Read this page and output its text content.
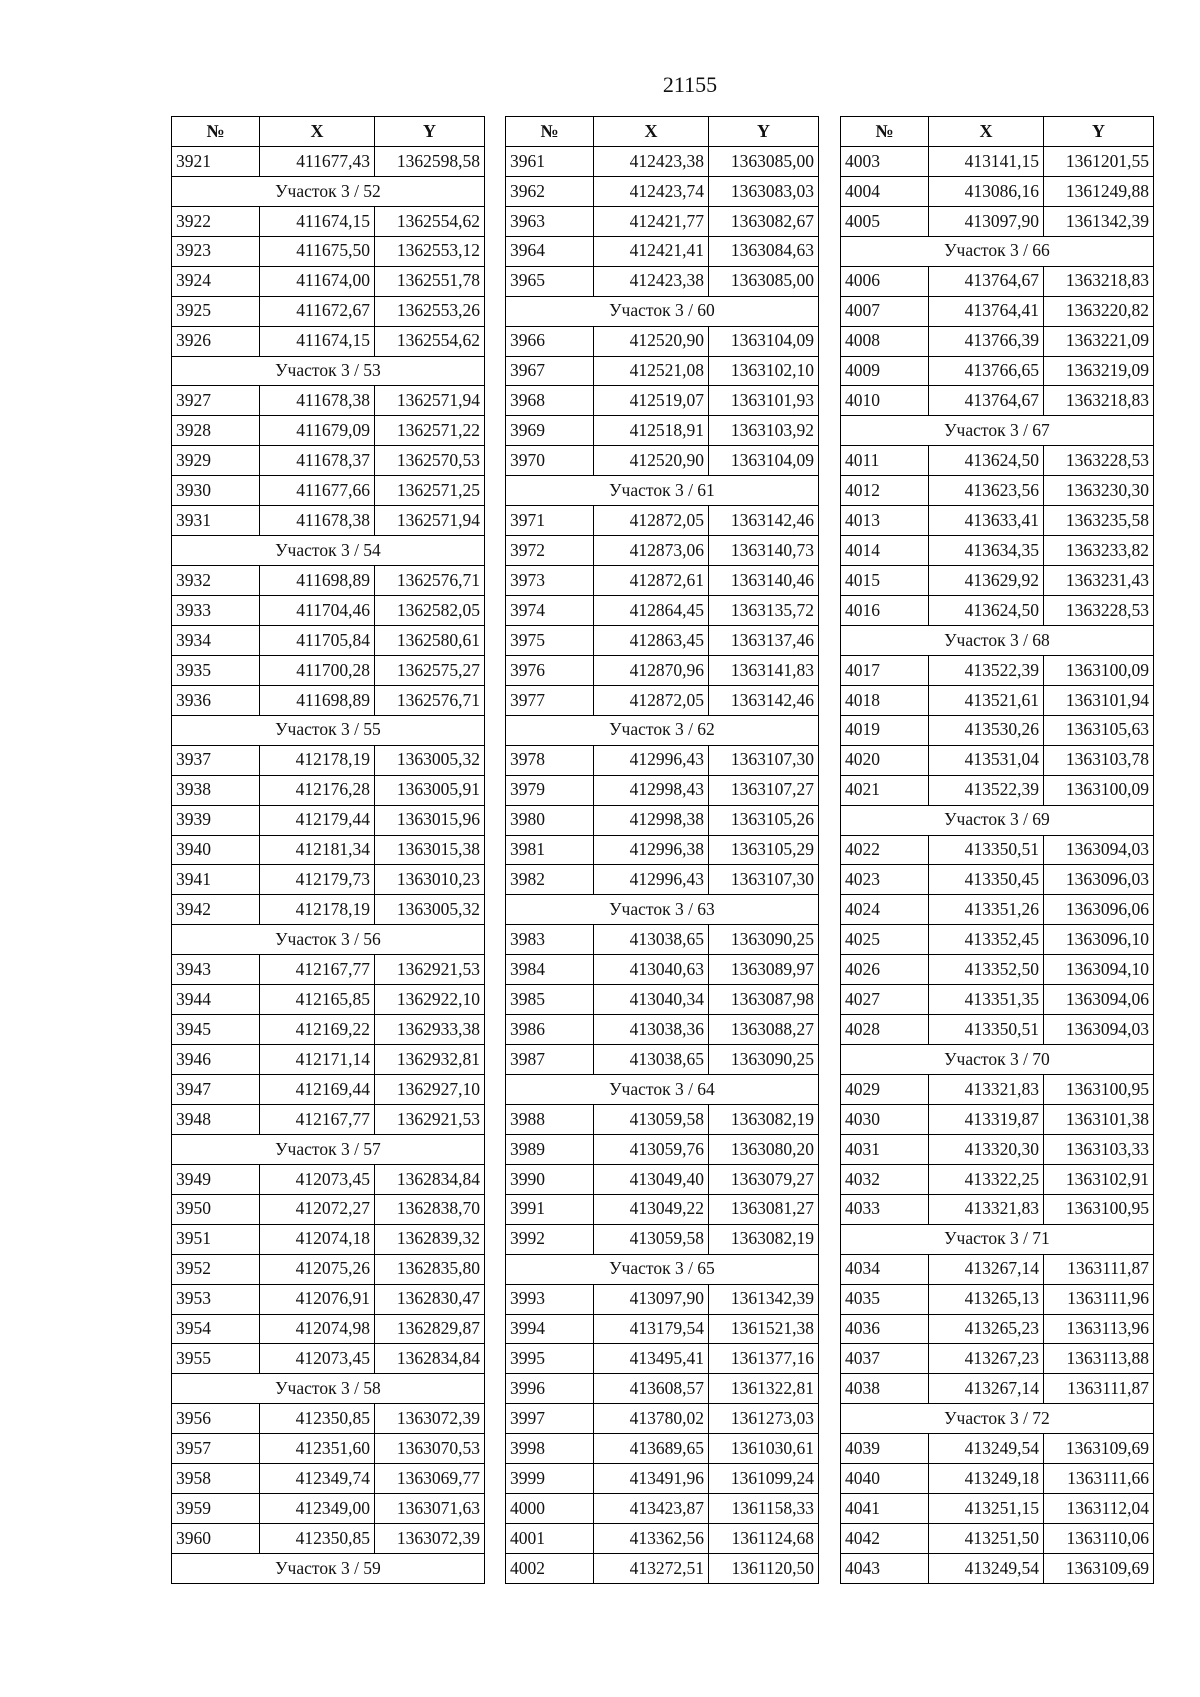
21155
№	X	Y
3921	411677,43	1362598,58
Участок 3 / 52		
3922	411674,15	1362554,62
3923	411675,50	1362553,12
3924	411674,00	1362551,78
3925	411672,67	1362553,26
3926	411674,15	1362554,62
Участок 3 / 53		
3927	411678,38	1362571,94
3928	411679,09	1362571,22
3929	411678,37	1362570,53
3930	411677,66	1362571,25
3931	411678,38	1362571,94
Участок 3 / 54		
3932	411698,89	1362576,71
3933	411704,46	1362582,05
3934	411705,84	1362580,61
3935	411700,28	1362575,27
3936	411698,89	1362576,71
Участок 3 / 55		
3937	412178,19	1363005,32
3938	412176,28	1363005,91
3939	412179,44	1363015,96
3940	412181,34	1363015,38
3941	412179,73	1363010,23
3942	412178,19	1363005,32
Участок 3 / 56		
3943	412167,77	1362921,53
3944	412165,85	1362922,10
3945	412169,22	1362933,38
3946	412171,14	1362932,81
3947	412169,44	1362927,10
3948	412167,77	1362921,53
Участок 3 / 57		
3949	412073,45	1362834,84
3950	412072,27	1362838,70
3951	412074,18	1362839,32
3952	412075,26	1362835,80
3953	412076,91	1362830,47
3954	412074,98	1362829,87
3955	412073,45	1362834,84
Участок 3 / 58		
3956	412350,85	1363072,39
3957	412351,60	1363070,53
3958	412349,74	1363069,77
3959	412349,00	1363071,63
3960	412350,85	1363072,39
Участок 3 / 59		
№	X	Y
3961	412423,38	1363085,00
3962	412423,74	1363083,03
3963	412421,77	1363082,67
3964	412421,41	1363084,63
3965	412423,38	1363085,00
Участок 3 / 60		
3966	412520,90	1363104,09
3967	412521,08	1363102,10
3968	412519,07	1363101,93
3969	412518,91	1363103,92
3970	412520,90	1363104,09
Участок 3 / 61		
3971	412872,05	1363142,46
3972	412873,06	1363140,73
3973	412872,61	1363140,46
3974	412864,45	1363135,72
3975	412863,45	1363137,46
3976	412870,96	1363141,83
3977	412872,05	1363142,46
Участок 3 / 62		
3978	412996,43	1363107,30
3979	412998,43	1363107,27
3980	412998,38	1363105,26
3981	412996,38	1363105,29
3982	412996,43	1363107,30
Участок 3 / 63		
3983	413038,65	1363090,25
3984	413040,63	1363089,97
3985	413040,34	1363087,98
3986	413038,36	1363088,27
3987	413038,65	1363090,25
Участок 3 / 64		
3988	413059,58	1363082,19
3989	413059,76	1363080,20
3990	413049,40	1363079,27
3991	413049,22	1363081,27
3992	413059,58	1363082,19
Участок 3 / 65		
3993	413097,90	1361342,39
3994	413179,54	1361521,38
3995	413495,41	1361377,16
3996	413608,57	1361322,81
3997	413780,02	1361273,03
3998	413689,65	1361030,61
3999	413491,96	1361099,24
4000	413423,87	1361158,33
4001	413362,56	1361124,68
4002	413272,51	1361120,50
№	X	Y
4003	413141,15	1361201,55
4004	413086,16	1361249,88
4005	413097,90	1361342,39
Участок 3 / 66		
4006	413764,67	1363218,83
4007	413764,41	1363220,82
4008	413766,39	1363221,09
4009	413766,65	1363219,09
4010	413764,67	1363218,83
Участок 3 / 67		
4011	413624,50	1363228,53
4012	413623,56	1363230,30
4013	413633,41	1363235,58
4014	413634,35	1363233,82
4015	413629,92	1363231,43
4016	413624,50	1363228,53
Участок 3 / 68		
4017	413522,39	1363100,09
4018	413521,61	1363101,94
4019	413530,26	1363105,63
4020	413531,04	1363103,78
4021	413522,39	1363100,09
Участок 3 / 69		
4022	413350,51	1363094,03
4023	413350,45	1363096,03
4024	413351,26	1363096,06
4025	413352,45	1363096,10
4026	413352,50	1363094,10
4027	413351,35	1363094,06
4028	413350,51	1363094,03
Участок 3 / 70		
4029	413321,83	1363100,95
4030	413319,87	1363101,38
4031	413320,30	1363103,33
4032	413322,25	1363102,91
4033	413321,83	1363100,95
Участок 3 / 71		
4034	413267,14	1363111,87
4035	413265,13	1363111,96
4036	413265,23	1363113,96
4037	413267,23	1363113,88
4038	413267,14	1363111,87
Участок 3 / 72		
4039	413249,54	1363109,69
4040	413249,18	1363111,66
4041	413251,15	1363112,04
4042	413251,50	1363110,06
4043	413249,54	1363109,69
